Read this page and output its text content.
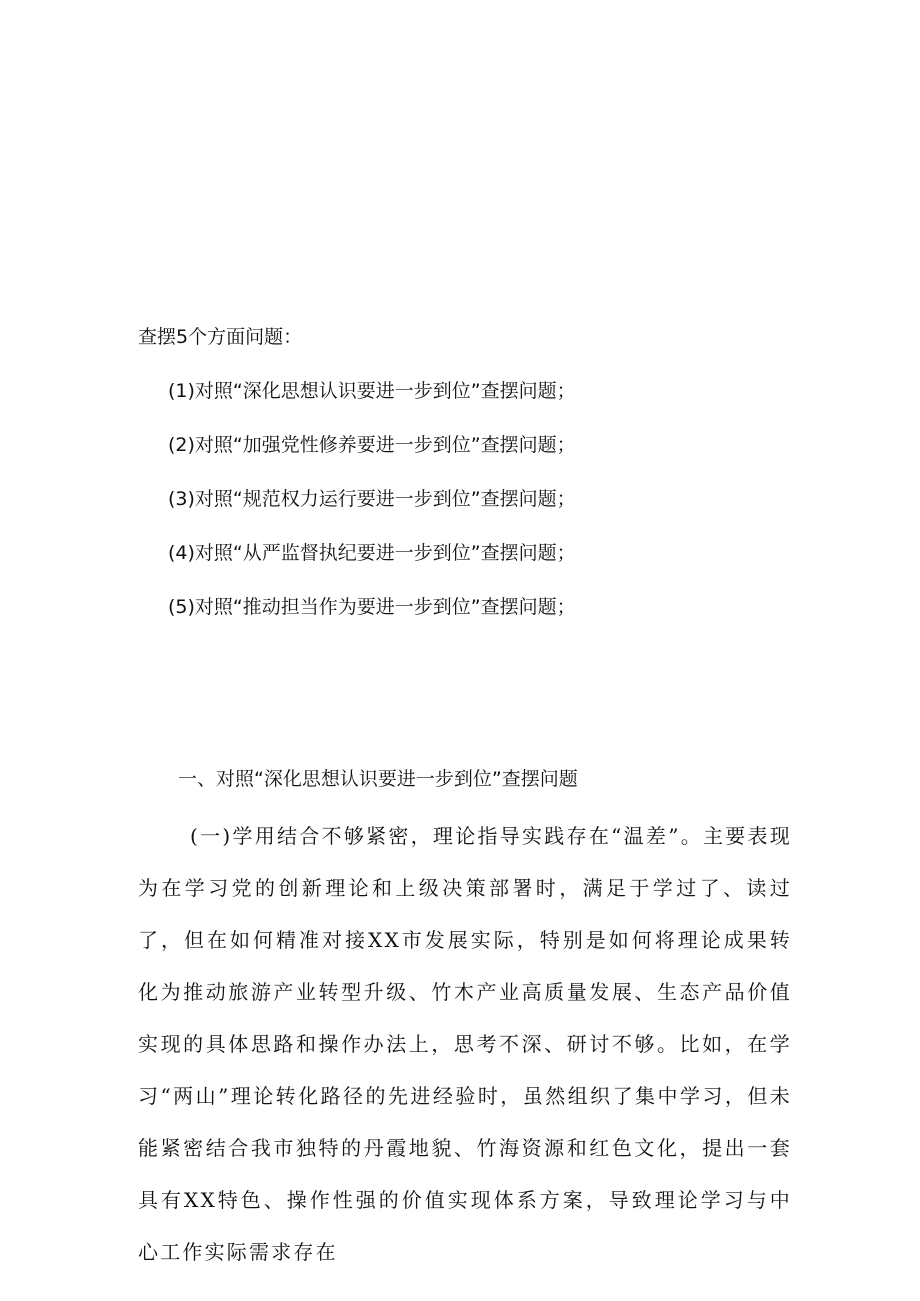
查摆5个方面问题：
(1)对照“深化思想认识要进一步到位”查摆问题；
(2)对照“加强党性修养要进一步到位”查摆问题；
(3)对照“规范权力运行要进一步到位”查摆问题；
(4)对照“从严监督执纪要进一步到位”查摆问题；
(5)对照“推动担当作为要进一步到位”查摆问题；
一、对照“深化思想认识要进一步到位”查摆问题

(一)学用结合不够紧密，理论指导实践存在“温差”。主要表现为在学习党的创新理论和上级决策部署时，满足于学过了、读过了，但在如何精准对接XX市发展实际，特别是如何将理论成果转化为推动旅游产业转型升级、竹木产业高质量发展、生态产品价值实现的具体思路和操作办法上，思考不深、研讨不够。比如，在学习“两山”理论转化路径的先进经验时，虽然组织了集中学习，但未能紧密结合我市独特的丹霞地貌、竹海资源和红色文化，提出一套具有XX特色、操作性强的价值实现体系方案，导致理论学习与中心工作实际需求存在
